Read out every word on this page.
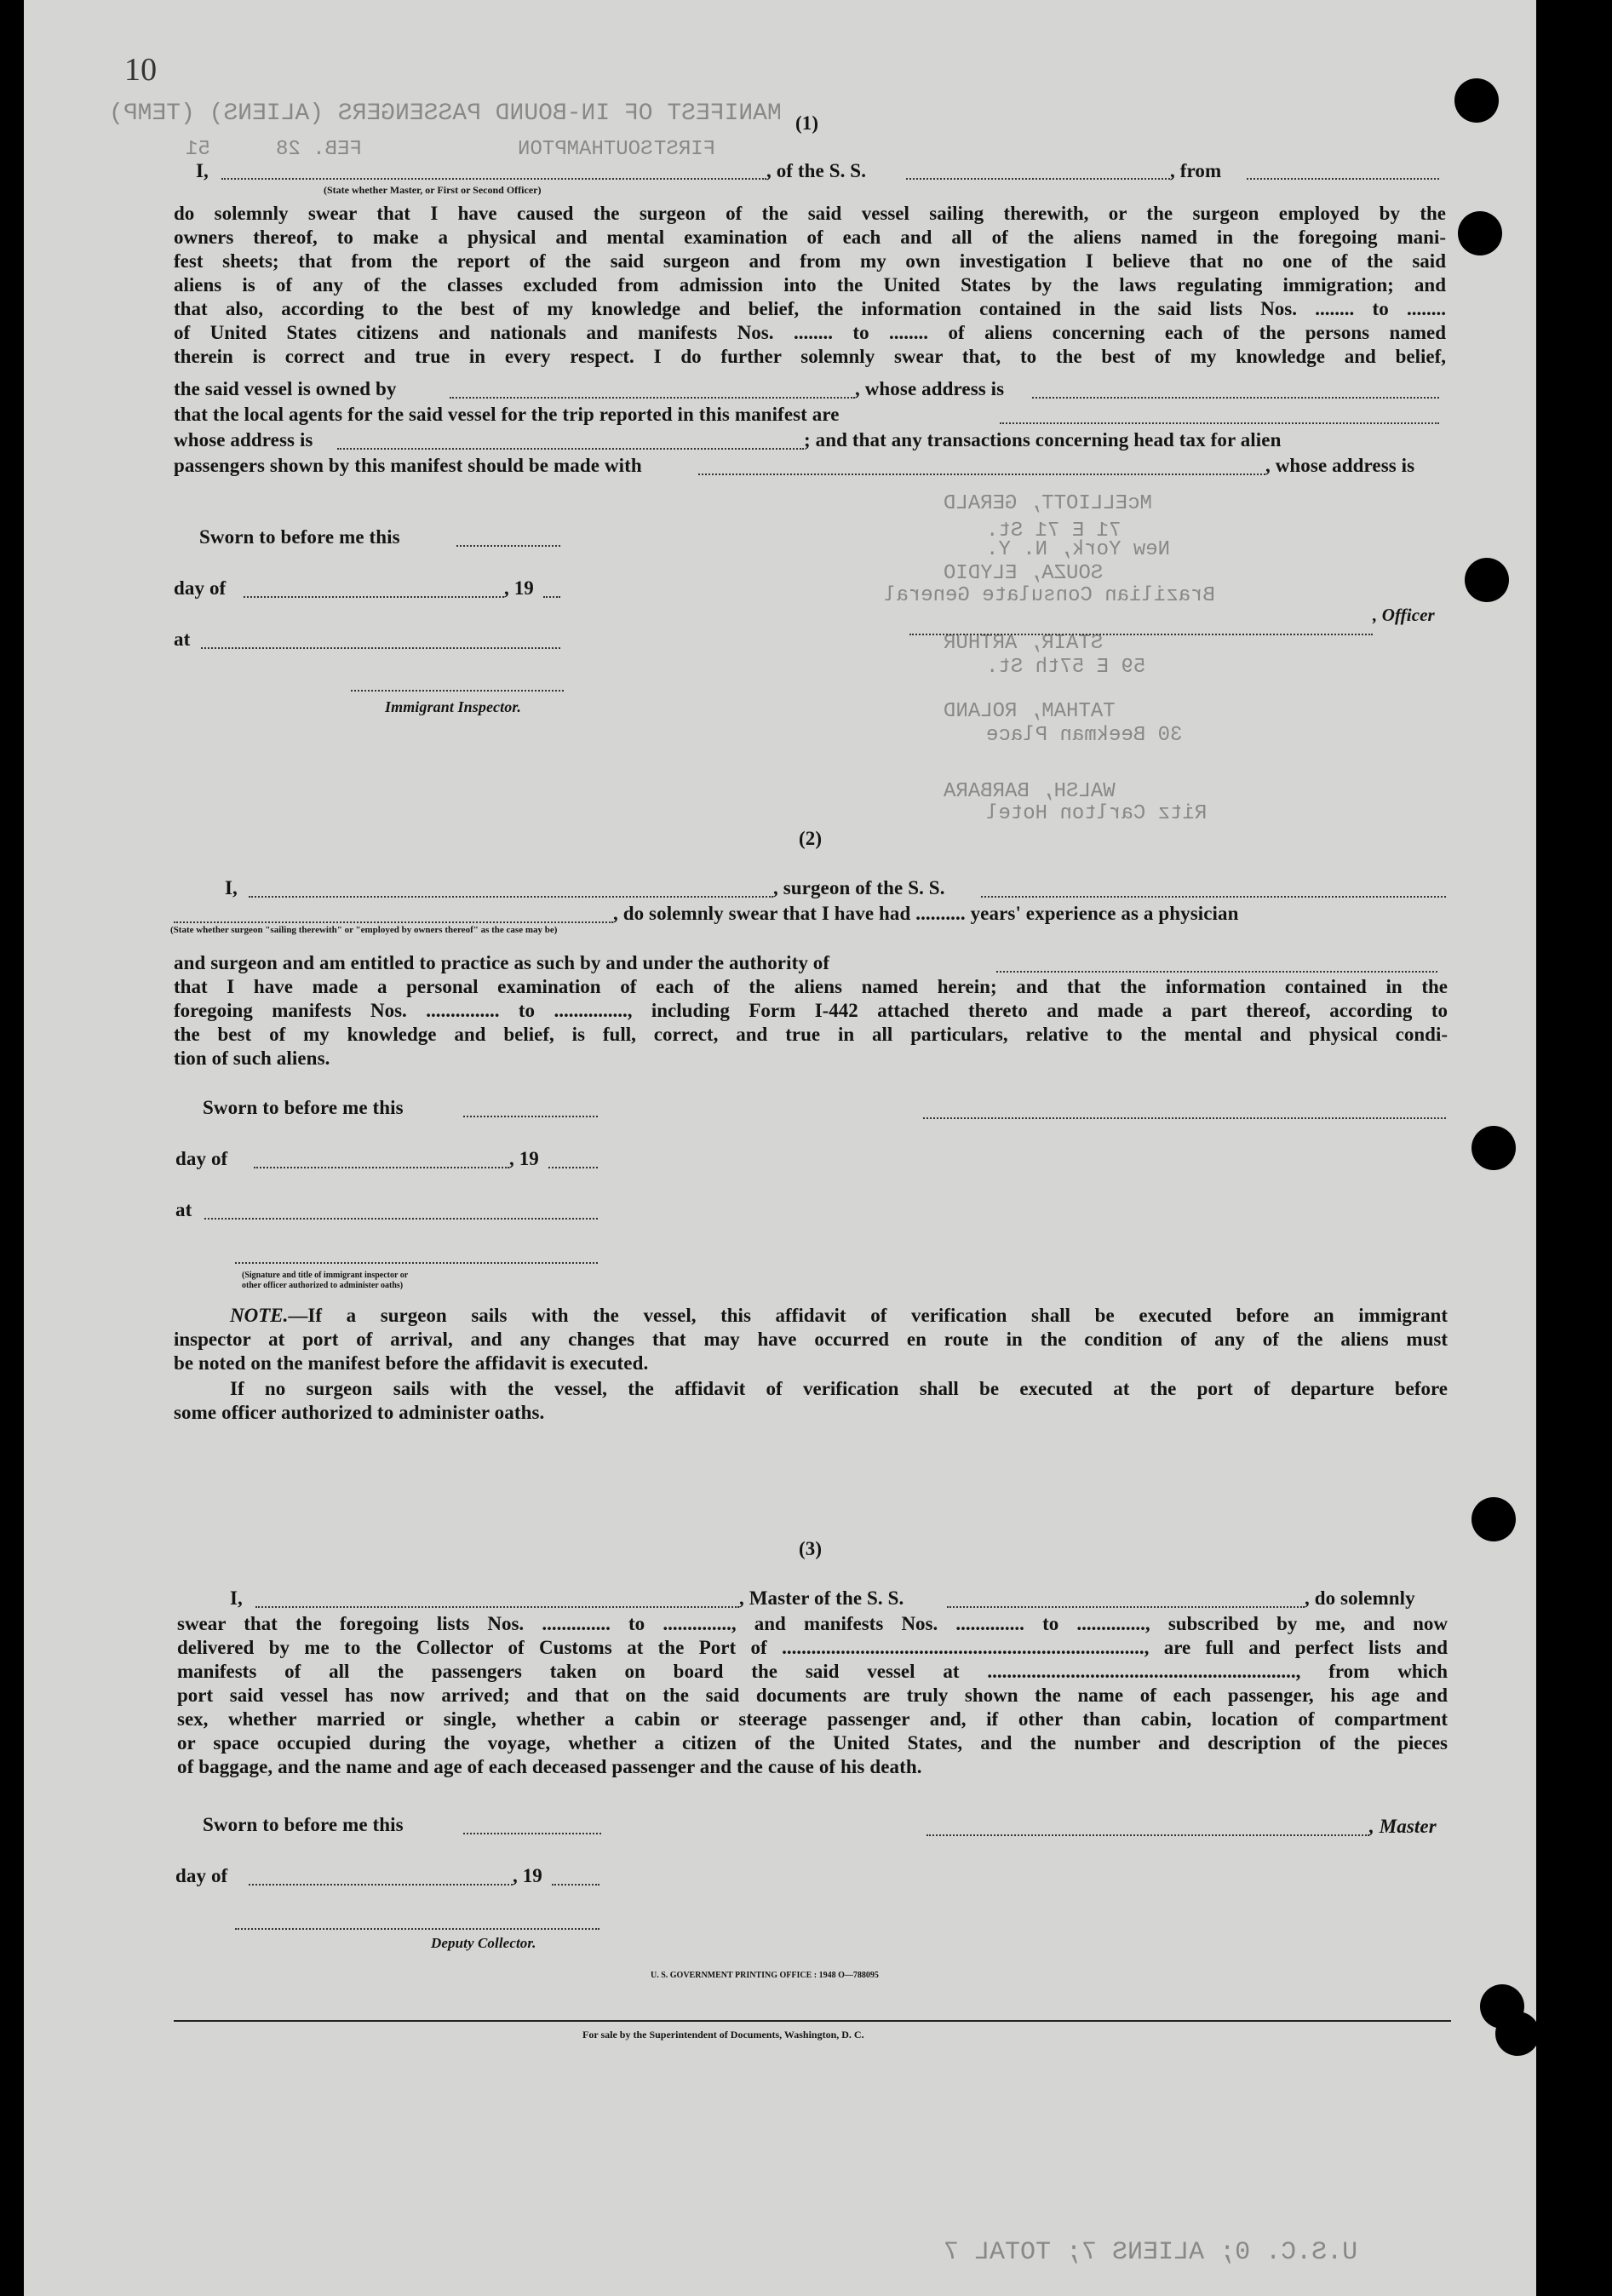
10
MANIFEST OF IN-BOUND PASSENGERS (ALIENS) (TEMP)
FIRST
SOUTHAMPTON
FEB. 28
51
McELLIOTT, GERALD
71 E 71 St.
New York, N. Y.
SOUZA, ELYDIO
Brazilian Consulate General
STAIR, ARTHUR
59 E 57th St.
TATHAM, ROLAND
30 Beekman Place
WALSH, BARBARA
Ritz Carlton Hotel
U.S.C. 0; ALIENS 7; TOTAL 7
(1)
I,	, of the S. S.	, from
(State whether Master, or First or Second Officer)
do solemnly swear that I have caused the surgeon of the said vessel sailing therewith, or the surgeon employed by the
owners thereof, to make a physical and mental examination of each and all of the aliens named in the foregoing mani-
fest sheets; that from the report of the said surgeon and from my own investigation I believe that no one of the said
aliens is of any of the classes excluded from admission into the United States by the laws regulating immigration; and
that also, according to the best of my knowledge and belief, the information contained in the said lists Nos. ........ to ........
of United States citizens and nationals and manifests Nos. ........ to ........ of aliens concerning each of the persons named
therein is correct and true in every respect. I do further solemnly swear that, to the best of my knowledge and belief,
the said vessel is owned by	, whose address is
that the local agents for the said vessel for the trip reported in this manifest are
whose address is	; and that any transactions concerning head tax for alien
passengers shown by this manifest should be made with	, whose address is
Sworn to before me this
day of	, 19
at
, Officer
Immigrant Inspector.
(2)
I,	, surgeon of the S. S.
(State whether surgeon "sailing therewith" or "employed by owners thereof" as the case may be)
, do solemnly swear that I have had .......... years' experience as a physician
and surgeon and am entitled to practice as such by and under the authority of
that I have made a personal examination of each of the aliens named herein; and that the information contained in the
foregoing manifests Nos. ............... to ..............., including Form I-442 attached thereto and made a part thereof, according to
the best of my knowledge and belief, is full, correct, and true in all particulars, relative to the mental and physical condi-
tion of such aliens.
Sworn to before me this
day of	, 19
at
(Signature and title of immigrant inspector or
other officer authorized to administer oaths)
NOTE.—If a surgeon sails with the vessel, this affidavit of verification shall be executed before an immigrant
inspector at port of arrival, and any changes that may have occurred en route in the condition of any of the aliens must
be noted on the manifest before the affidavit is executed.
If no surgeon sails with the vessel, the affidavit of verification shall be executed at the port of departure before
some officer authorized to administer oaths.
(3)
I,	, Master of the S. S.	, do solemnly
swear that the foregoing lists Nos. .............. to .............., and manifests Nos. .............. to .............., subscribed by me, and now
delivered by me to the Collector of Customs at the Port of .........................................................................., are full and perfect lists and
manifests of all the passengers taken on board the said vessel at ..............................................................., from which
port said vessel has now arrived; and that on the said documents are truly shown the name of each passenger, his age and
sex, whether married or single, whether a cabin or steerage passenger and, if other than cabin, location of compartment
or space occupied during the voyage, whether a citizen of the United States, and the number and description of the pieces
of baggage, and the name and age of each deceased passenger and the cause of his death.
Sworn to before me this	, Master
day of	, 19
Deputy Collector.
U. S. GOVERNMENT PRINTING OFFICE : 1948 O—788095
For sale by the Superintendent of Documents, Washington, D. C.
